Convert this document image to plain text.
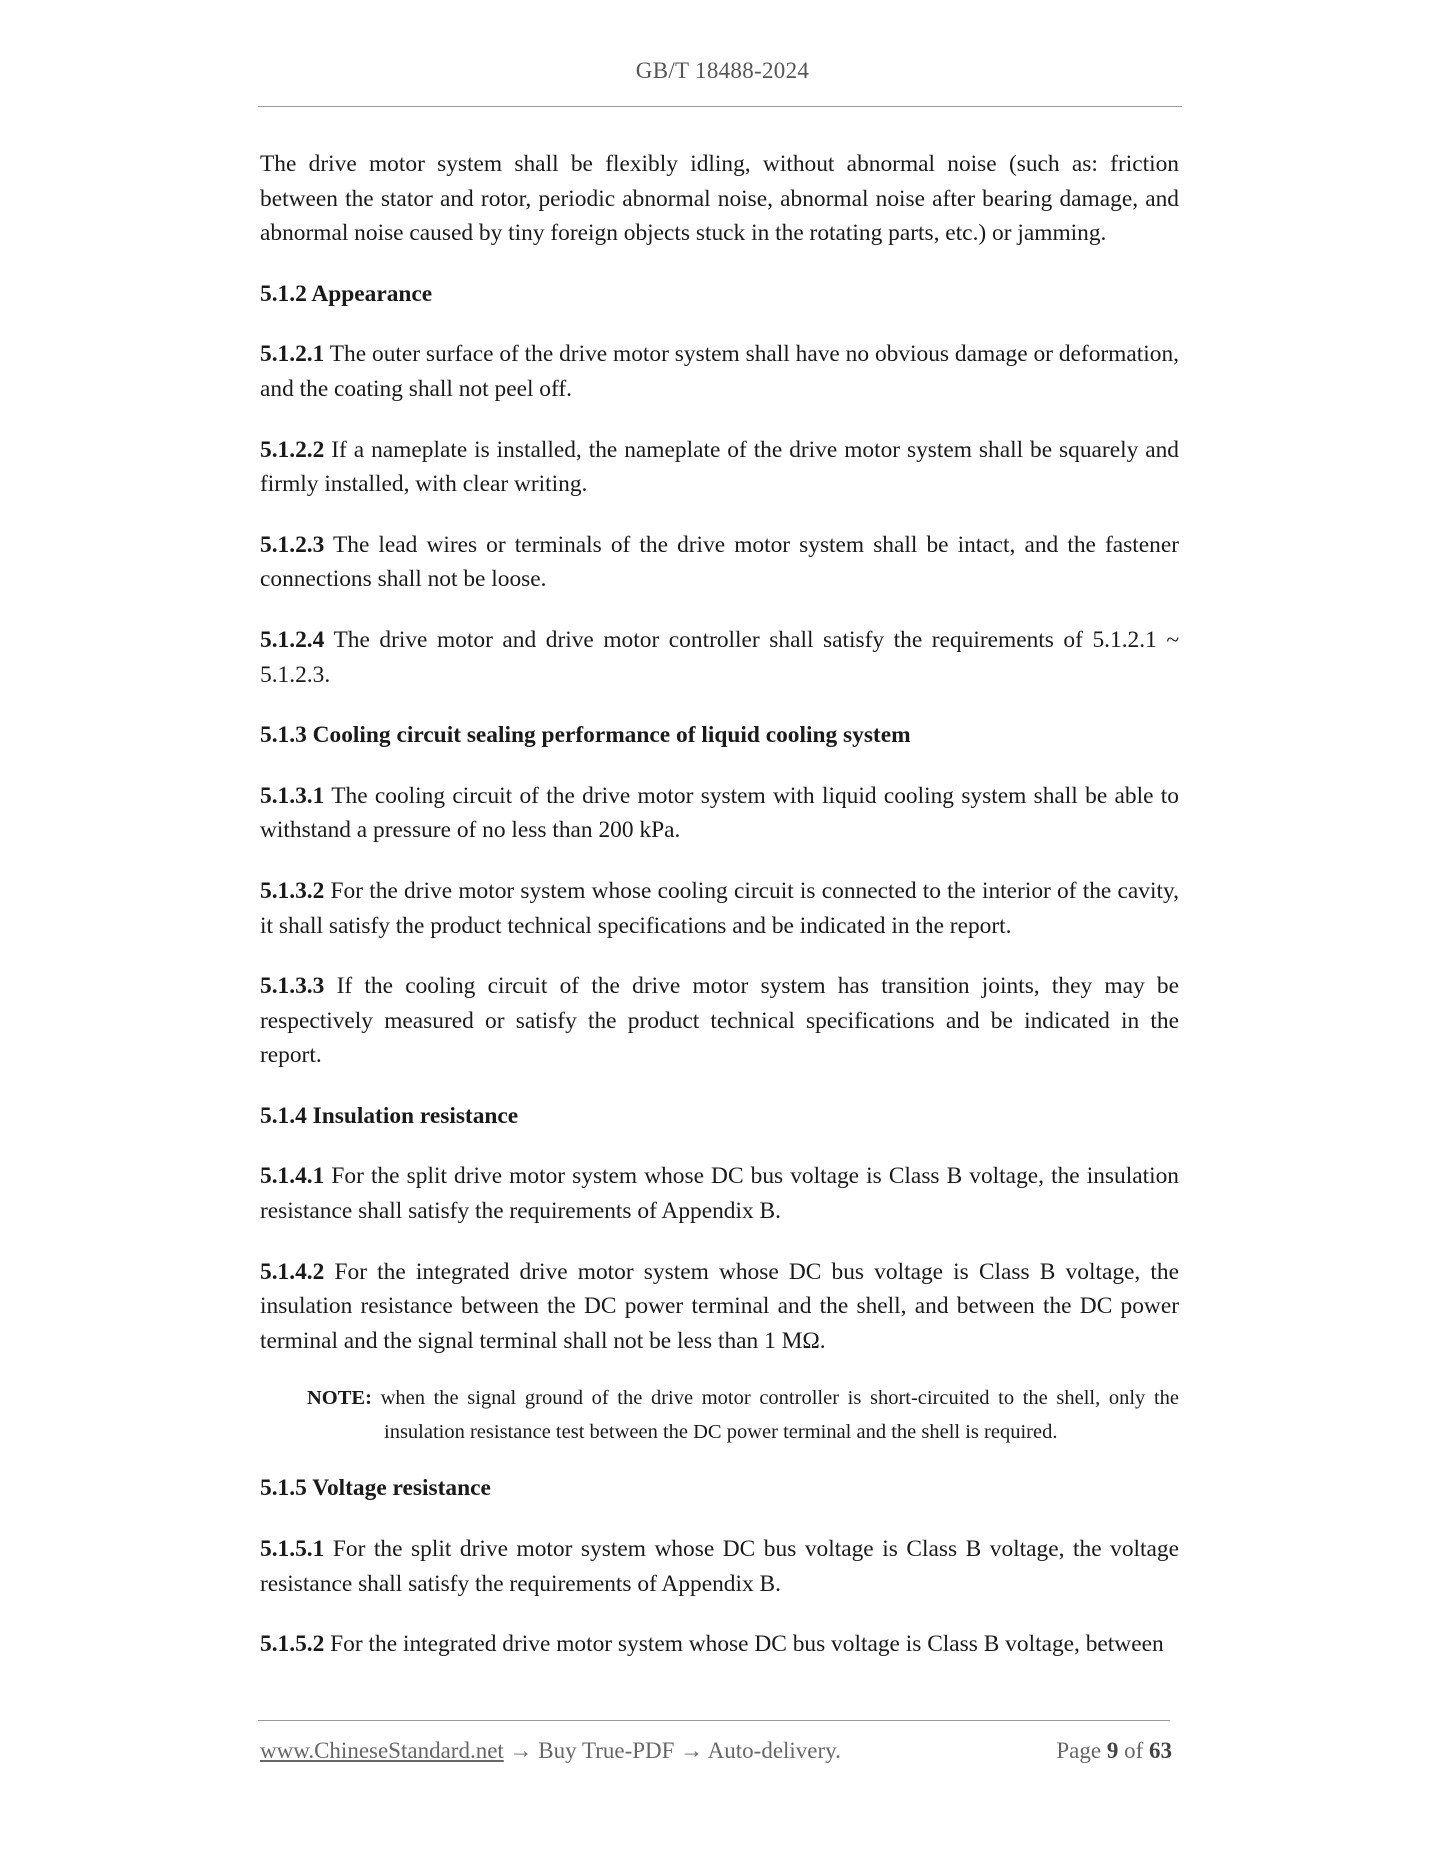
GB/T 18488-2024

The drive motor system shall be flexibly idling, without abnormal noise (such as: friction between the stator and rotor, periodic abnormal noise, abnormal noise after bearing damage, and abnormal noise caused by tiny foreign objects stuck in the rotating parts, etc.) or jamming.

5.1.2 Appearance

5.1.2.1 The outer surface of the drive motor system shall have no obvious damage or deformation, and the coating shall not peel off.

5.1.2.2 If a nameplate is installed, the nameplate of the drive motor system shall be squarely and firmly installed, with clear writing.

5.1.2.3 The lead wires or terminals of the drive motor system shall be intact, and the fastener connections shall not be loose.

5.1.2.4 The drive motor and drive motor controller shall satisfy the requirements of 5.1.2.1 ~ 5.1.2.3.

5.1.3 Cooling circuit sealing performance of liquid cooling system

5.1.3.1 The cooling circuit of the drive motor system with liquid cooling system shall be able to withstand a pressure of no less than 200 kPa.

5.1.3.2 For the drive motor system whose cooling circuit is connected to the interior of the cavity, it shall satisfy the product technical specifications and be indicated in the report.

5.1.3.3 If the cooling circuit of the drive motor system has transition joints, they may be respectively measured or satisfy the product technical specifications and be indicated in the report.

5.1.4 Insulation resistance

5.1.4.1 For the split drive motor system whose DC bus voltage is Class B voltage, the insulation resistance shall satisfy the requirements of Appendix B.

5.1.4.2 For the integrated drive motor system whose DC bus voltage is Class B voltage, the insulation resistance between the DC power terminal and the shell, and between the DC power terminal and the signal terminal shall not be less than 1 MΩ.

NOTE: when the signal ground of the drive motor controller is short-circuited to the shell, only the insulation resistance test between the DC power terminal and the shell is required.

5.1.5 Voltage resistance

5.1.5.1 For the split drive motor system whose DC bus voltage is Class B voltage, the voltage resistance shall satisfy the requirements of Appendix B.

5.1.5.2 For the integrated drive motor system whose DC bus voltage is Class B voltage, between

www.ChineseStandard.net → Buy True-PDF → Auto-delivery.	Page 9 of 63
